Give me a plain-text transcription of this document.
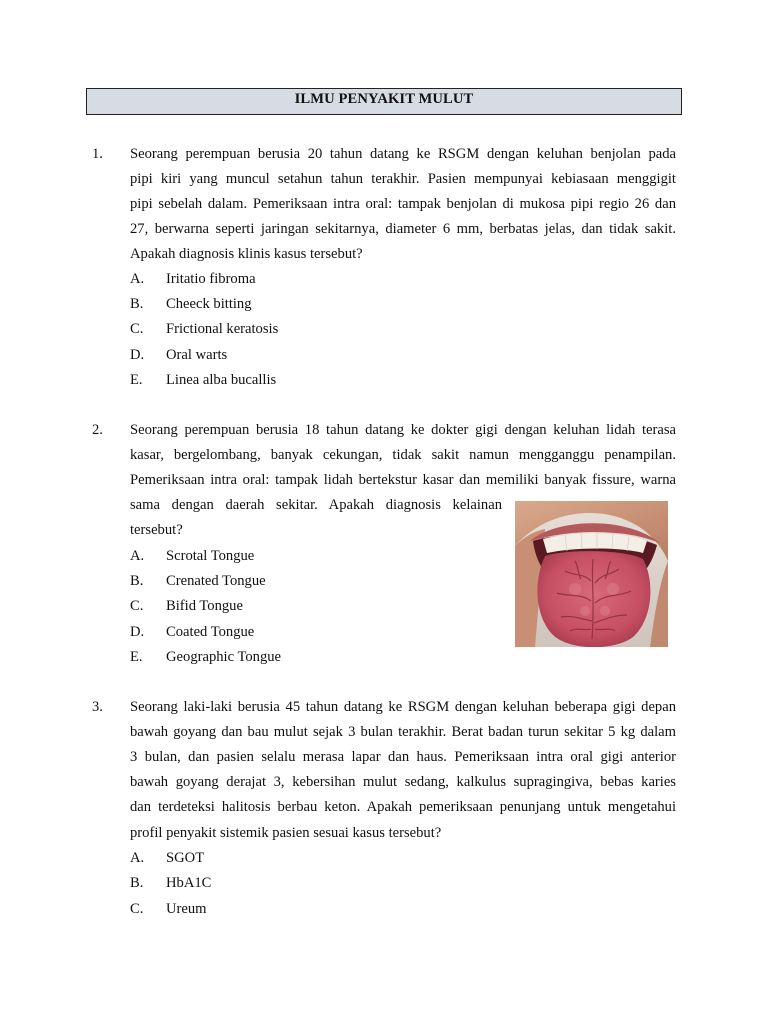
ILMU PENYAKIT MULUT
1. Seorang perempuan berusia 20 tahun datang ke RSGM dengan keluhan benjolan pada
pipi kiri yang muncul setahun tahun terakhir. Pasien mempunyai kebiasaan menggigit
pipi sebelah dalam. Pemeriksaan intra oral: tampak benjolan di mukosa pipi regio 26 dan
27, berwarna seperti jaringan sekitarnya, diameter 6 mm, berbatas jelas, dan tidak sakit.
Apakah diagnosis klinis kasus tersebut?
A. Iritatio fibroma
B. Cheeck bitting
C. Frictional keratosis
D. Oral warts
E. Linea alba bucallis
2. Seorang perempuan berusia 18 tahun datang ke dokter gigi dengan keluhan lidah terasa
kasar, bergelombang, banyak cekungan, tidak sakit namun mengganggu penampilan.
Pemeriksaan intra oral: tampak lidah bertekstur kasar dan memiliki banyak fissure, warna
sama dengan daerah sekitar. Apakah diagnosis kelainan
tersebut?
A. Scrotal Tongue
B. Crenated Tongue
C. Bifid Tongue
D. Coated Tongue
E. Geographic Tongue
3. Seorang laki-laki berusia 45 tahun datang ke RSGM dengan keluhan beberapa gigi depan
bawah goyang dan bau mulut sejak 3 bulan terakhir. Berat badan turun sekitar 5 kg dalam
3 bulan, dan pasien selalu merasa lapar dan haus. Pemeriksaan intra oral gigi anterior
bawah goyang derajat 3, kebersihan mulut sedang, kalkulus supragingiva, bebas karies
dan terdeteksi halitosis berbau keton. Apakah pemeriksaan penunjang untuk mengetahui
profil penyakit sistemik pasien sesuai kasus tersebut?
A. SGOT
B. HbA1C
C. Ureum
